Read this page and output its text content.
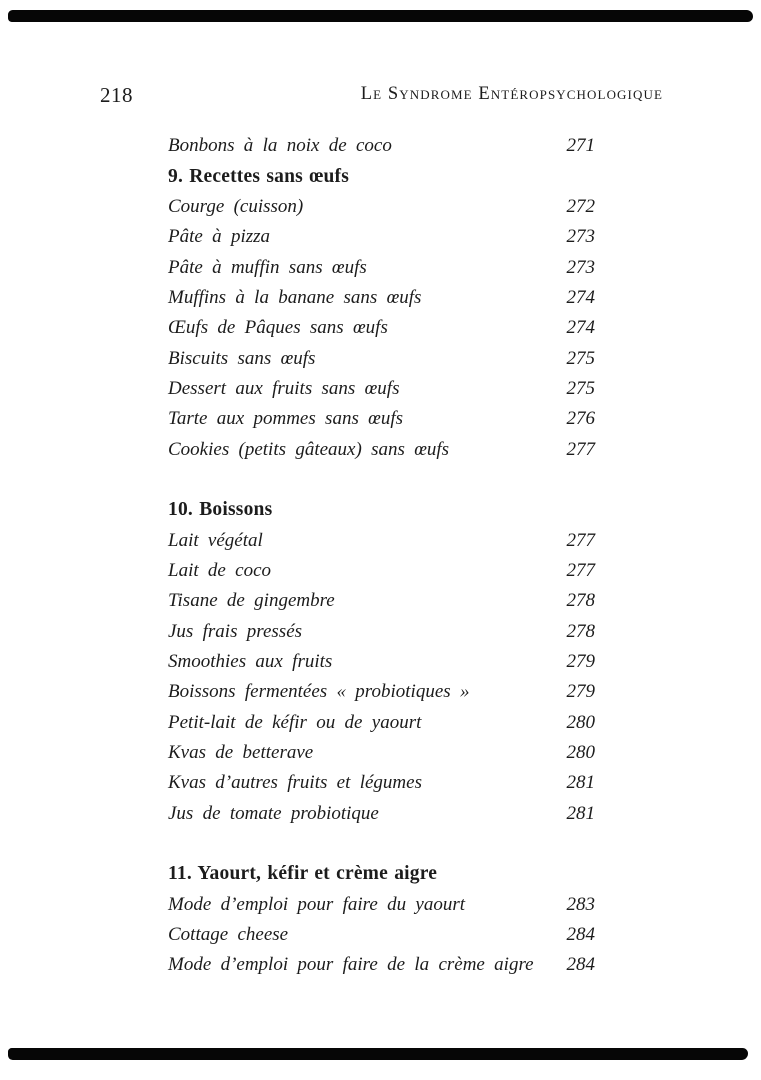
218	Le Syndrome Entéropsychologique
Bonbons à la noix de coco	271
9. Recettes sans œufs
Courge (cuisson)	272
Pâte à pizza	273
Pâte à muffin sans œufs	273
Muffins à la banane sans œufs	274
Œufs de Pâques sans œufs	274
Biscuits sans œufs	275
Dessert aux fruits sans œufs	275
Tarte aux pommes sans œufs	276
Cookies (petits gâteaux) sans œufs	277
10. Boissons
Lait végétal	277
Lait de coco	277
Tisane de gingembre	278
Jus frais pressés	278
Smoothies aux fruits	279
Boissons fermentées « probiotiques »	279
Petit-lait de kéfir ou de yaourt	280
Kvas de betterave	280
Kvas d’autres fruits et légumes	281
Jus de tomate probiotique	281
11. Yaourt, kéfir et crème aigre
Mode d’emploi pour faire du yaourt	283
Cottage cheese	284
Mode d’emploi pour faire de la crème aigre	284
